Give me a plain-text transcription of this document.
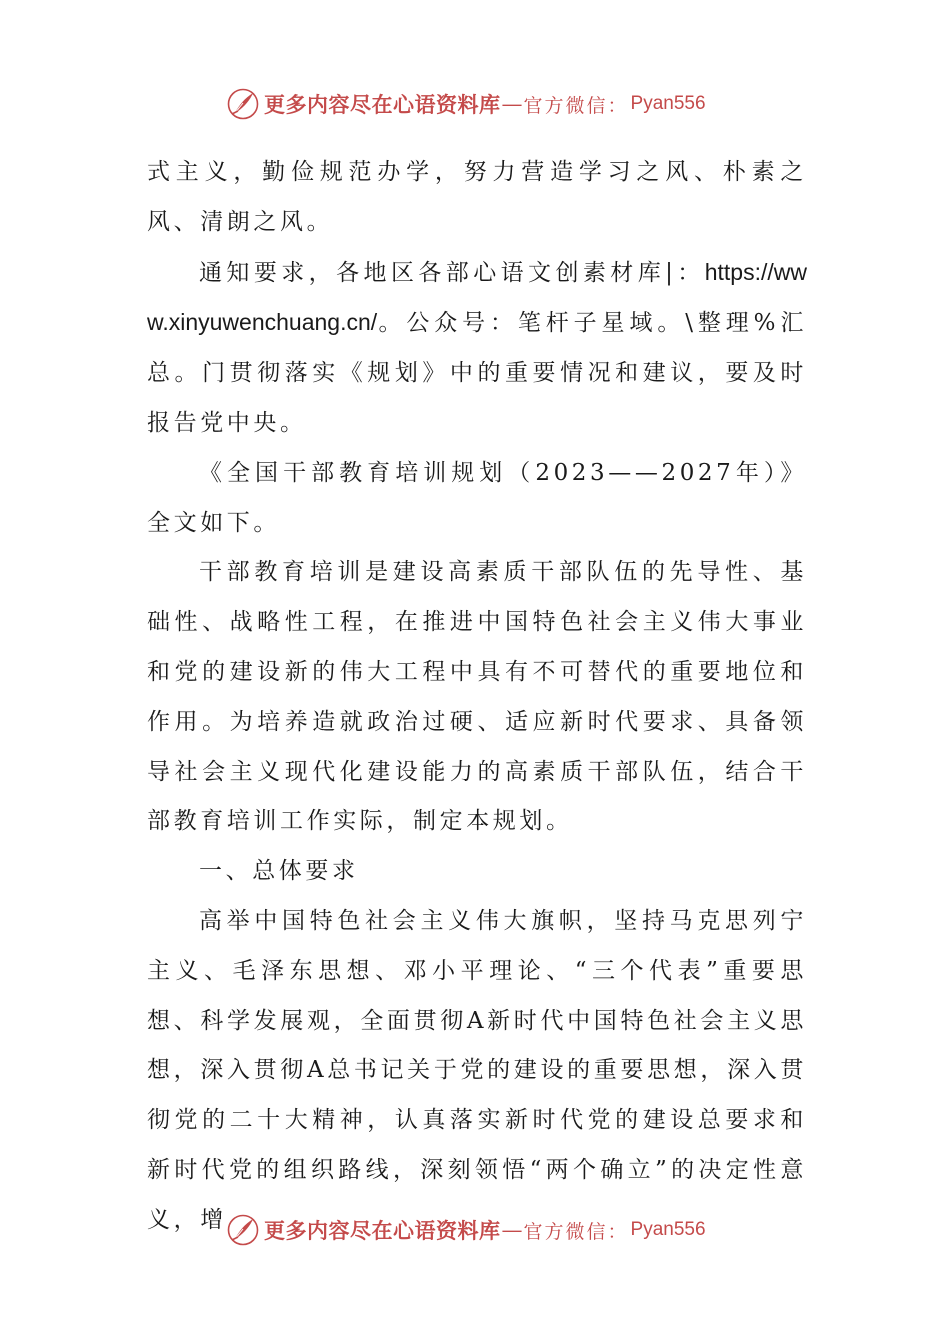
更多内容尽在心语资料库 — 官方微信： Pyan556

式主义，勤俭规范办学，努力营造学习之风、朴素之风、清朗之风。

通知要求，各地区各部心语文创素材库|：https://www.xinyuwenchuang.cn/。公众号：笔杆子星域。\整理%汇总。门贯彻落实《规划》中的重要情况和建议，要及时报告党中央。

《全国干部教育培训规划（2023——2027年）》全文如下。

干部教育培训是建设高素质干部队伍的先导性、基础性、战略性工程，在推进中国特色社会主义伟大事业和党的建设新的伟大工程中具有不可替代的重要地位和作用。为培养造就政治过硬、适应新时代要求、具备领导社会主义现代化建设能力的高素质干部队伍，结合干部教育培训工作实际，制定本规划。

一、总体要求

高举中国特色社会主义伟大旗帜，坚持马克思列宁主义、毛泽东思想、邓小平理论、“三个代表”重要思想、科学发展观，全面贯彻A新时代中国特色社会主义思想，深入贯彻A总书记关于党的建设的重要思想，深入贯彻党的二十大精神，认真落实新时代党的建设总要求和新时代党的组织路线，深刻领悟“两个确立”的决定性意义，增	更多内容尽在心语资料库 — 官方微信： Pyan556
